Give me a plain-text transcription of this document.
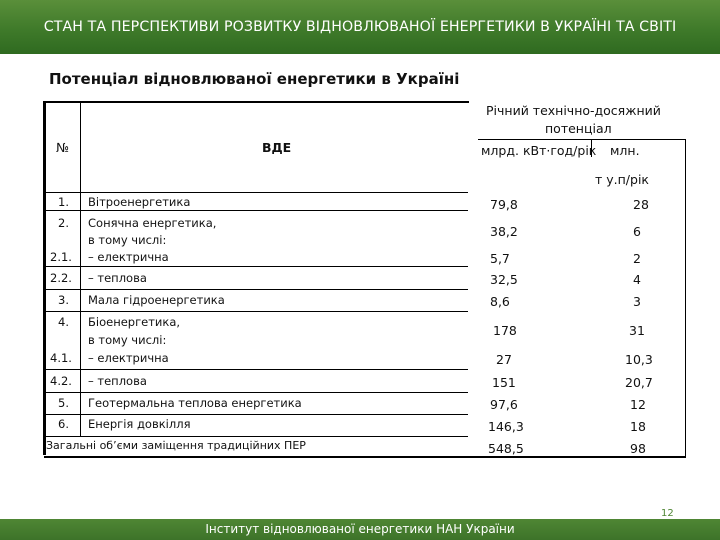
СТАН ТА ПЕРСПЕКТИВИ РОЗВИТКУ ВІДНОВЛЮВАНОЇ ЕНЕРГЕТИКИ В УКРАЇНІ ТА СВІТІ
Потенціал відновлюваної енергетики в Україні
№	ВДЕ
Річний технічно-досяжний
потенціал
млрд. кВт·год/рік млн.
т у.п/рік
1. Вітроенергетика	79,8	28
2. Сонячна енергетика,
в тому числі:
38,2	6
2.1. – електрична	5,7	2
2.2. – теплова	32,5	4
3. Мала гідроенергетика	8,6	3
4. Біоенергетика,
в тому числі:
178	31
4.1. – електрична	27	10,3
4.2. – теплова	151	20,7
5. Геотермальна теплова енергетика	97,6	12
6. Енергія довкілля	146,3	18
Загальні об’єми заміщення традиційних ПЕР	548,5	98
12
Інститут відновлюваної енергетики НАН України
